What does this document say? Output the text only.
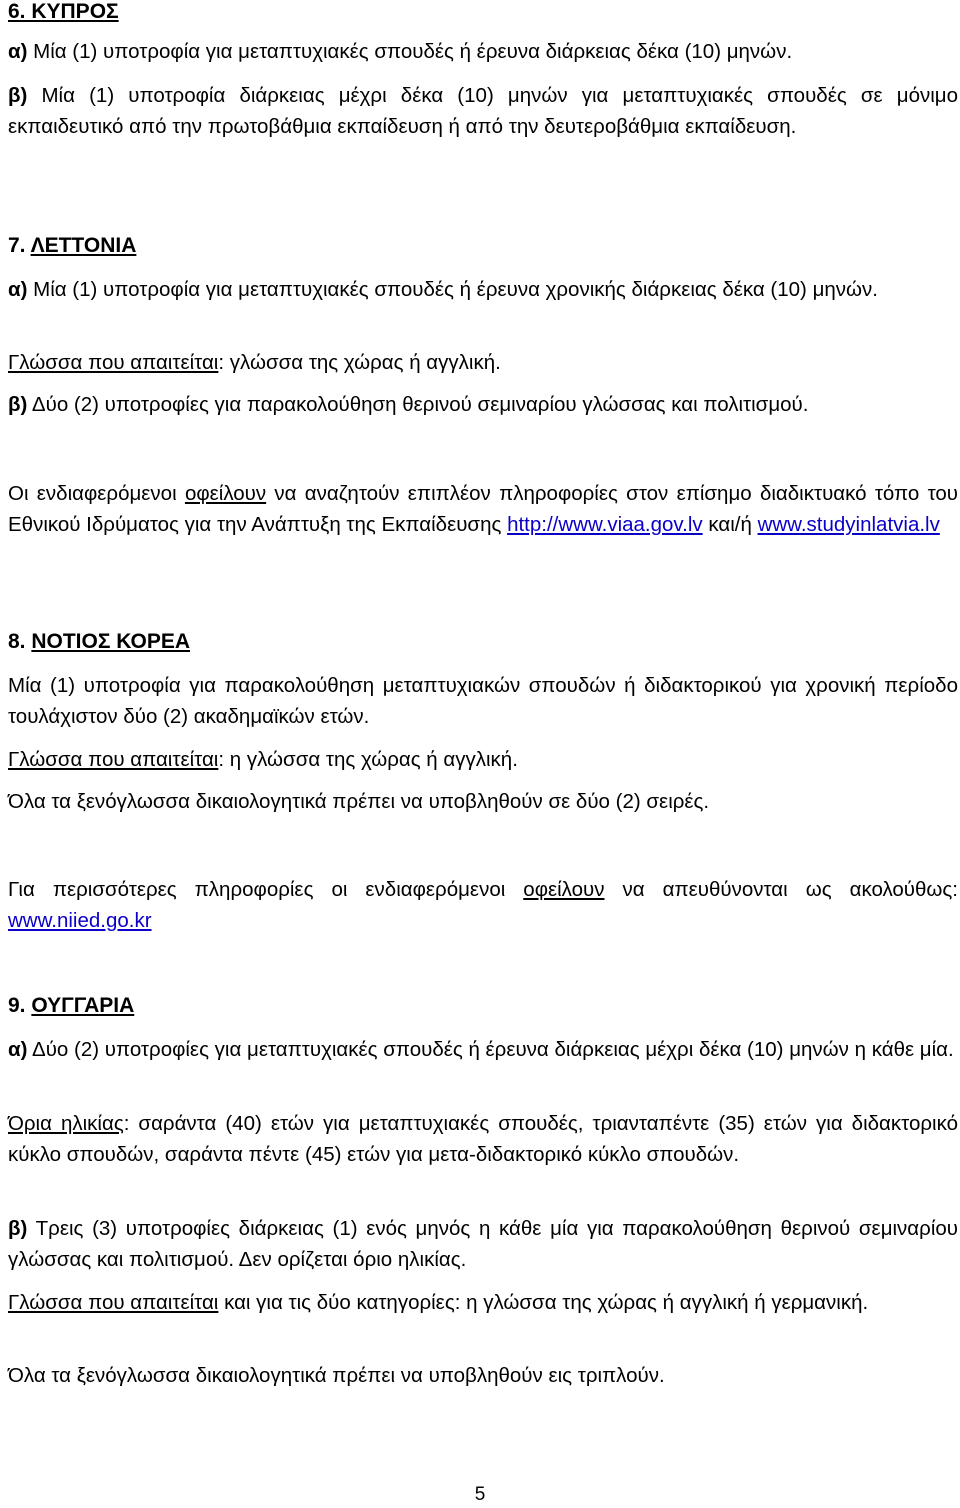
6. ΚΥΠΡΟΣ

α) Μία (1) υποτροφία για μεταπτυχιακές σπουδές ή έρευνα διάρκειας δέκα (10) μηνών.

β) Μία (1) υποτροφία διάρκειας μέχρι δέκα (10) μηνών για μεταπτυχιακές σπουδές σε μόνιμο εκπαιδευτικό από την πρωτοβάθμια εκπαίδευση ή από την δευτεροβάθμια εκπαίδευση.

7. ΛΕΤΤΟΝΙΑ

α) Μία (1) υποτροφία για μεταπτυχιακές σπουδές ή έρευνα χρονικής διάρκειας δέκα (10) μηνών.

Γλώσσα που απαιτείται: γλώσσα της χώρας ή αγγλική.

β) Δύο (2) υποτροφίες για παρακολούθηση θερινού σεμιναρίου γλώσσας και πολιτισμού.

Οι ενδιαφερόμενοι οφείλουν να αναζητούν επιπλέον πληροφορίες στον επίσημο διαδικτυακό τόπο του Εθνικού Ιδρύματος για την Ανάπτυξη της Εκπαίδευσης http://www.viaa.gov.lv και/ή www.studyinlatvia.lv

8. ΝΟΤΙΟΣ ΚΟΡΕΑ

Μία (1) υποτροφία για παρακολούθηση μεταπτυχιακών σπουδών ή διδακτορικού για χρονική περίοδο τουλάχιστον δύο (2) ακαδημαϊκών ετών.

Γλώσσα που απαιτείται: η γλώσσα της χώρας ή αγγλική.

Όλα τα ξενόγλωσσα δικαιολογητικά πρέπει να υποβληθούν σε δύο (2) σειρές.

Για περισσότερες πληροφορίες οι ενδιαφερόμενοι οφείλουν να απευθύνονται ως ακολούθως: www.niied.go.kr

9. ΟΥΓΓΑΡΙΑ

α) Δύο (2) υποτροφίες για μεταπτυχιακές σπουδές ή έρευνα διάρκειας μέχρι δέκα (10) μηνών η κάθε μία.

Όρια ηλικίας: σαράντα (40) ετών για μεταπτυχιακές σπουδές, τριανταπέντε (35) ετών για διδακτορικό κύκλο σπουδών, σαράντα πέντε (45) ετών για μετα-διδακτορικό κύκλο σπουδών.

β) Τρεις (3) υποτροφίες διάρκειας (1) ενός μηνός η κάθε μία για παρακολούθηση θερινού σεμιναρίου γλώσσας και πολιτισμού. Δεν ορίζεται όριο ηλικίας.

Γλώσσα που απαιτείται και για τις δύο κατηγορίες: η γλώσσα της χώρας ή αγγλική ή γερμανική.

Όλα τα ξενόγλωσσα δικαιολογητικά πρέπει να υποβληθούν εις τριπλούν.

5
